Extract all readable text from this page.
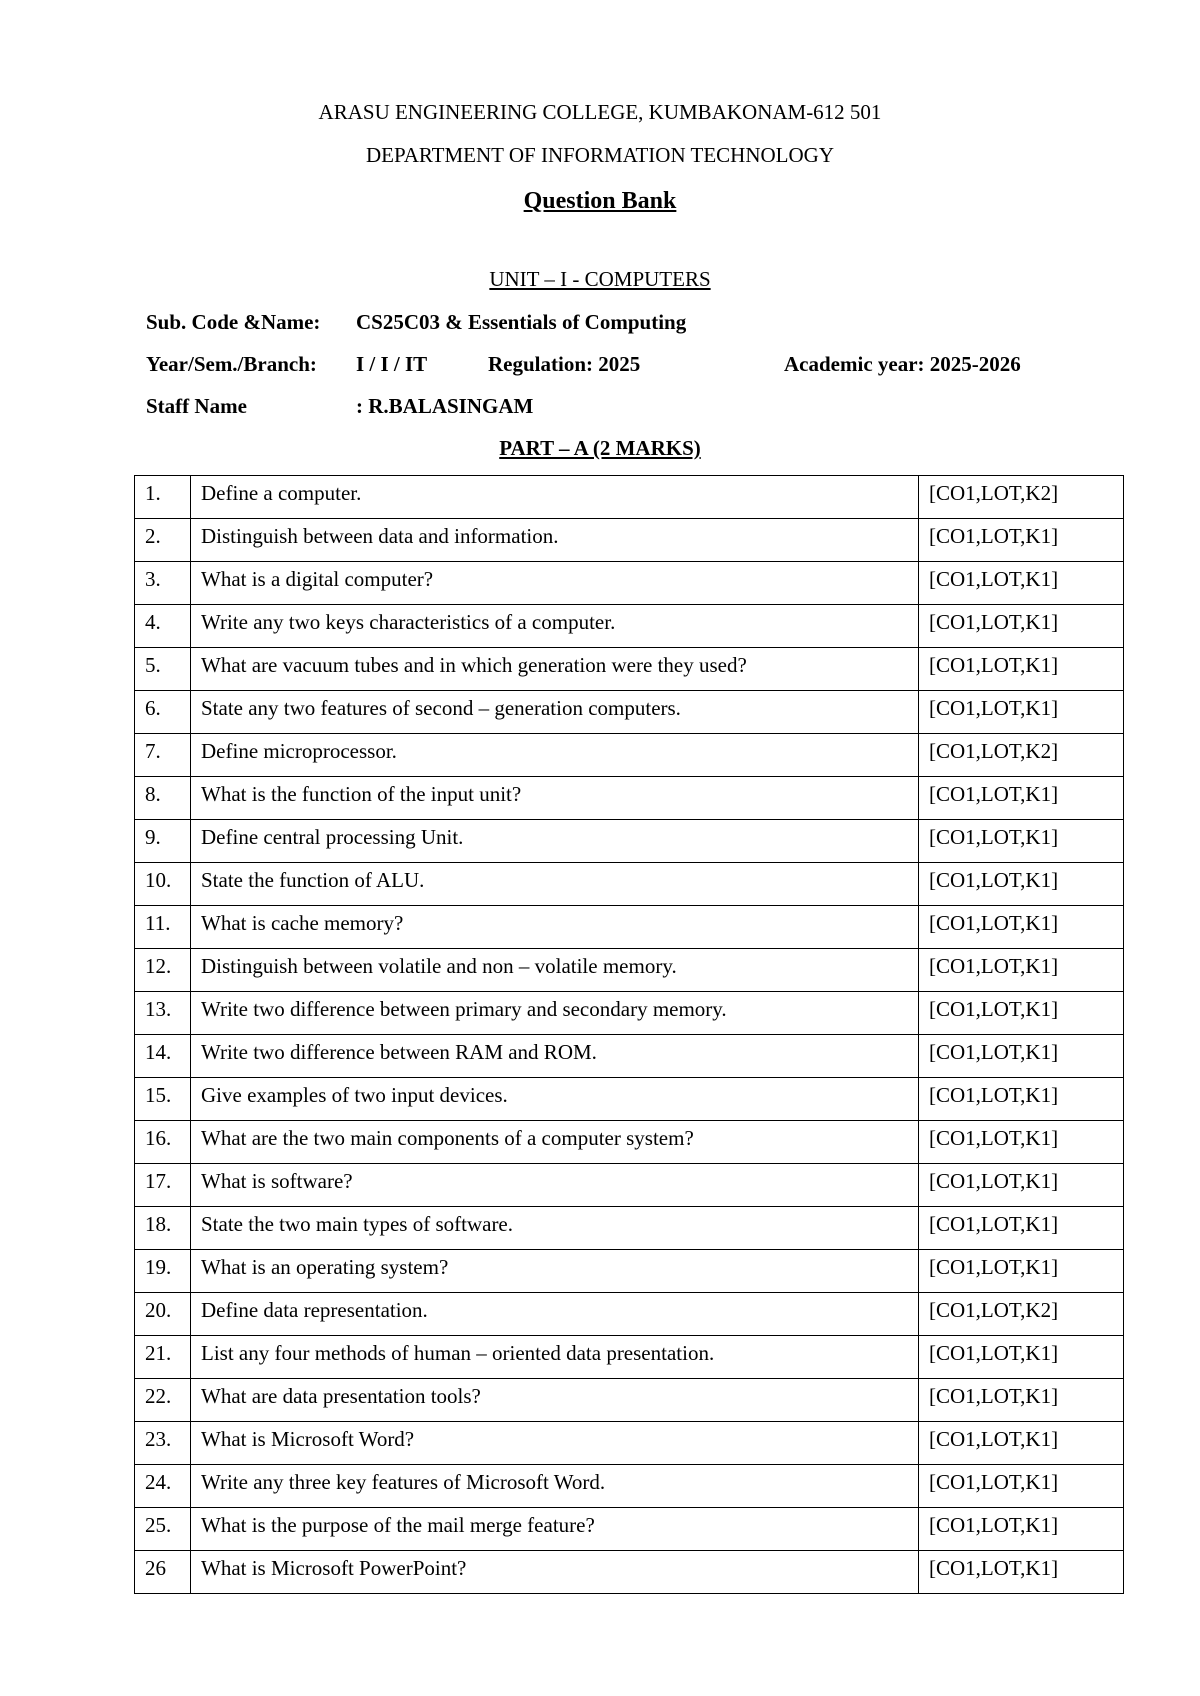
ARASU ENGINEERING COLLEGE, KUMBAKONAM-612 501
DEPARTMENT OF INFORMATION TECHNOLOGY
Question Bank
UNIT – I - COMPUTERS
Sub. Code &Name: CS25C03 & Essentials of Computing
Year/Sem./Branch: I / I / IT	Regulation: 2025	Academic year: 2025-2026
Staff Name	: R.BALASINGAM
PART – A (2 MARKS)
1.	Define a computer.	[CO1,LOT,K2]
2.	Distinguish between data and information.	[CO1,LOT,K1]
3.	What is a digital computer?	[CO1,LOT,K1]
4.	Write any two keys characteristics of a computer.	[CO1,LOT,K1]
5.	What are vacuum tubes and in which generation were they used?	[CO1,LOT,K1]
6.	State any two features of second – generation computers.	[CO1,LOT,K1]
7.	Define microprocessor.	[CO1,LOT,K2]
8.	What is the function of the input unit?	[CO1,LOT,K1]
9.	Define central processing Unit.	[CO1,LOT,K1]
10.	State the function of ALU.	[CO1,LOT,K1]
11.	What is cache memory?	[CO1,LOT,K1]
12.	Distinguish between volatile and non – volatile memory.	[CO1,LOT,K1]
13.	Write two difference between primary and secondary memory.	[CO1,LOT,K1]
14.	Write two difference between RAM and ROM.	[CO1,LOT,K1]
15.	Give examples of two input devices.	[CO1,LOT,K1]
16.	What are the two main components of a computer system?	[CO1,LOT,K1]
17.	What is software?	[CO1,LOT,K1]
18.	State the two main types of software.	[CO1,LOT,K1]
19.	What is an operating system?	[CO1,LOT,K1]
20.	Define data representation.	[CO1,LOT,K2]
21.	List any four methods of human – oriented data presentation.	[CO1,LOT,K1]
22.	What are data presentation tools?	[CO1,LOT,K1]
23.	What is Microsoft Word?	[CO1,LOT,K1]
24.	Write any three key features of Microsoft Word.	[CO1,LOT,K1]
25.	What is the purpose of the mail merge feature?	[CO1,LOT,K1]
26	What is Microsoft PowerPoint?	[CO1,LOT,K1]
